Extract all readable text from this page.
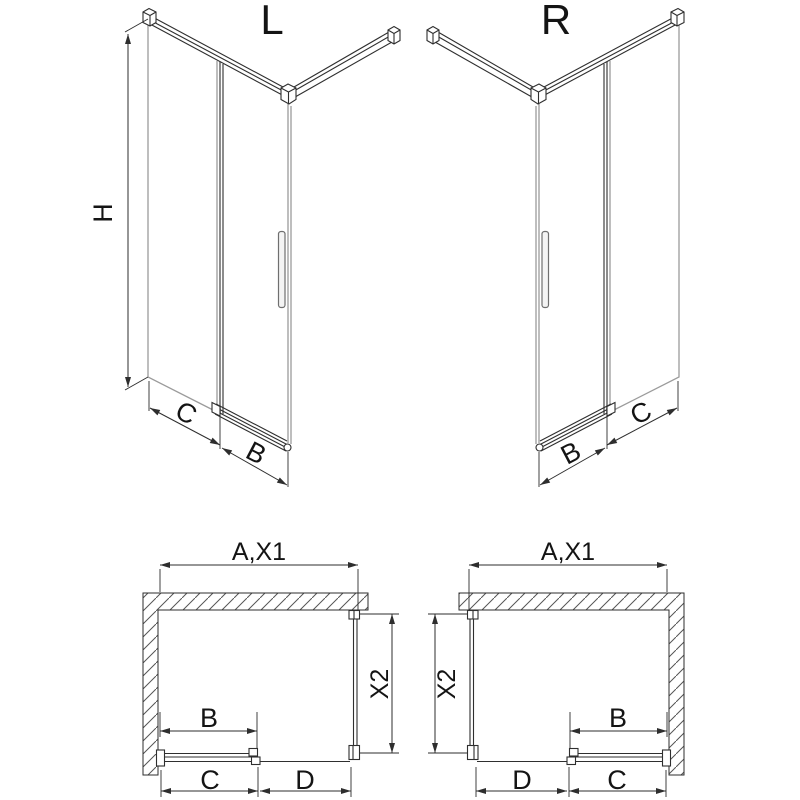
L	R
H
C
B	B
C
A,X1
X2
B
C	D
A,X1
X2
B
C
D
